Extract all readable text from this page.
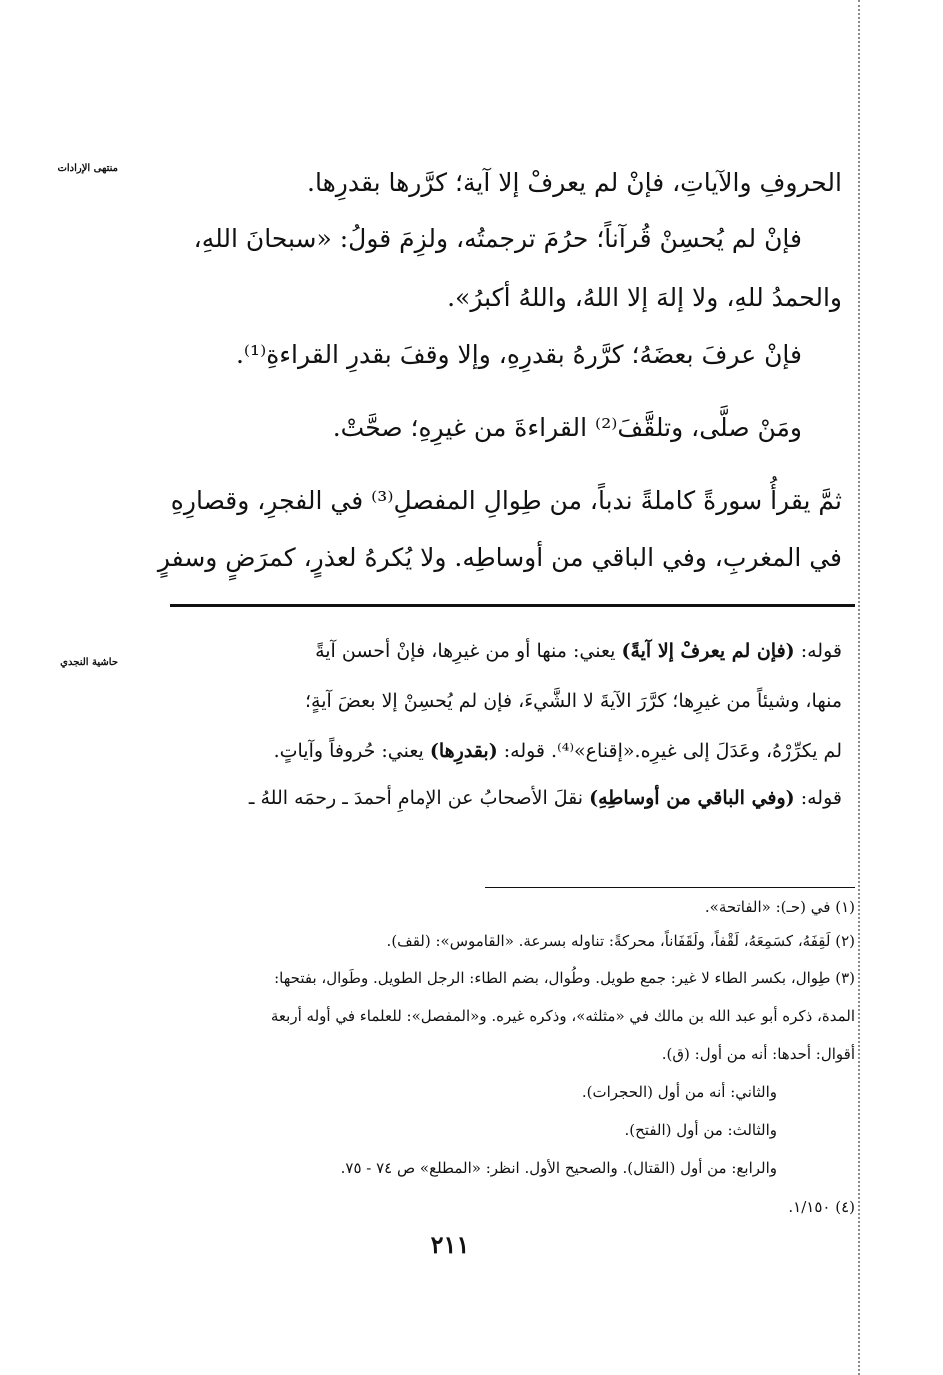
منتهى الإرادات
حاشية النجدي
الحروفِ والآياتِ، فإنْ لم يعرفْ إلا آية؛ كرَّرها بقدرِها.
فإنْ لم يُحسِنْ قُرآناً؛ حرُمَ ترجمتُه، ولزِمَ قولُ: «سبحانَ اللهِ،
والحمدُ للهِ، ولا إلهَ إلا اللهُ، واللهُ أكبرُ».
فإنْ عرفَ بعضَهُ؛ كرَّرهُ بقدرِهِ، وإلا وقفَ بقدرِ القراءةِ⁽¹⁾.
ومَنْ صلَّى، وتلقَّفَ⁽²⁾ القراءةَ من غيرِهِ؛ صحَّتْ.
ثمَّ يقرأُ سورةً كاملةً ندباً، من طِوالِ المفصلِ⁽³⁾ في الفجرِ، وقصارِهِ
في المغربِ، وفي الباقي من أوساطِه. ولا يُكرهُ لعذرٍ، كمرَضٍ وسفرٍ
قوله: (فإن لم يعرفْ إلا آيةً) يعني: منها أو من غيرِها، فإنْ أحسن آيةً
منها، وشيئاً من غيرِها؛ كرَّرَ الآيةَ لا الشَّيءَ، فإن لم يُحسِنْ إلا بعضَ آيةٍ؛
لم يكرِّرْهُ، وعَدَلَ إلى غيرِه.«إقناع»⁽⁴⁾. قوله: (بقدرِها) يعني: حُروفاً وآياتٍ.
قوله: (وفي الباقي من أوساطِهِ) نقلَ الأصحابُ عن الإمامِ أحمدَ ـ رحمَه اللهُ ـ
(١) في (حـ): «الفاتحة».
(٢) لَقِفَهُ، كسَمِعَهُ، لَقْفاً، ولَقَفَاناً، محركةً: تناوله بسرعة. «القاموس»: (لقف).
(٣) طِوال، بكسر الطاء لا غير: جمع طويل. وطُوال، بضم الطاء: الرجل الطويل. وطَوال، بفتحها:
المدة، ذكره أبو عبد الله بن مالك في «مثلثه»، وذكره غيره. و«المفصل»: للعلماء في أوله أربعة
أقوال: أحدها: أنه من أول: (ق).
والثاني: أنه من أول (الحجرات).
والثالث: من أول (الفتح).
والرابع: من أول (القتال). والصحيح الأول. انظر: «المطلع» ص ٧٤ - ٧٥.
(٤) ١/١٥٠.
٢١١
